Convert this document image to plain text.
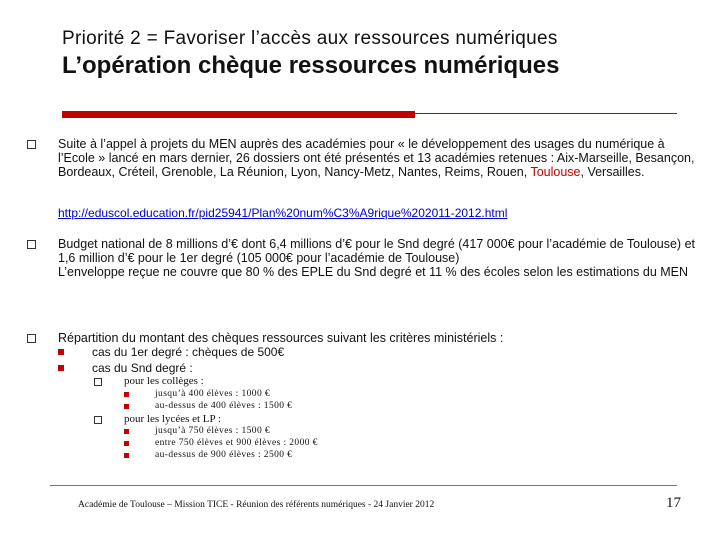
Priorité 2 = Favoriser l’accès aux ressources numériques
L’opération chèque ressources numériques
Suite à l’appel à projets du MEN auprès des académies pour « le développement des usages du numérique à l’Ecole » lancé en mars dernier, 26 dossiers ont été présentés et 13 académies retenues : Aix-Marseille, Besançon, Bordeaux, Créteil, Grenoble, La Réunion, Lyon, Nancy-Metz, Nantes, Reims, Rouen, Toulouse, Versailles.
http://eduscol.education.fr/pid25941/Plan%20num%C3%A9rique%202011-2012.html
Budget national de 8 millions d’€ dont 6,4 millions d’€ pour le Snd degré (417 000€ pour l’académie de Toulouse) et 1,6 million d’€ pour le 1er degré (105 000€ pour l’académie de Toulouse)
L’enveloppe reçue ne couvre que 80 % des EPLE du Snd degré et 11 % des écoles selon les estimations du MEN
Répartition du montant des chèques ressources suivant les critères ministériels :
cas du 1er degré : chèques de 500€
cas du Snd degré :
pour les collèges :
jusqu’à 400 élèves : 1000 €
au-dessus de 400 élèves : 1500 €
pour les lycées et LP :
jusqu’à 750 élèves : 1500 €
entre 750 élèves et 900 élèves : 2000 €
au-dessus de 900 élèves : 2500 €
Académie de Toulouse – Mission TICE - Réunion des référents numériques - 24 Janvier 2012	17
